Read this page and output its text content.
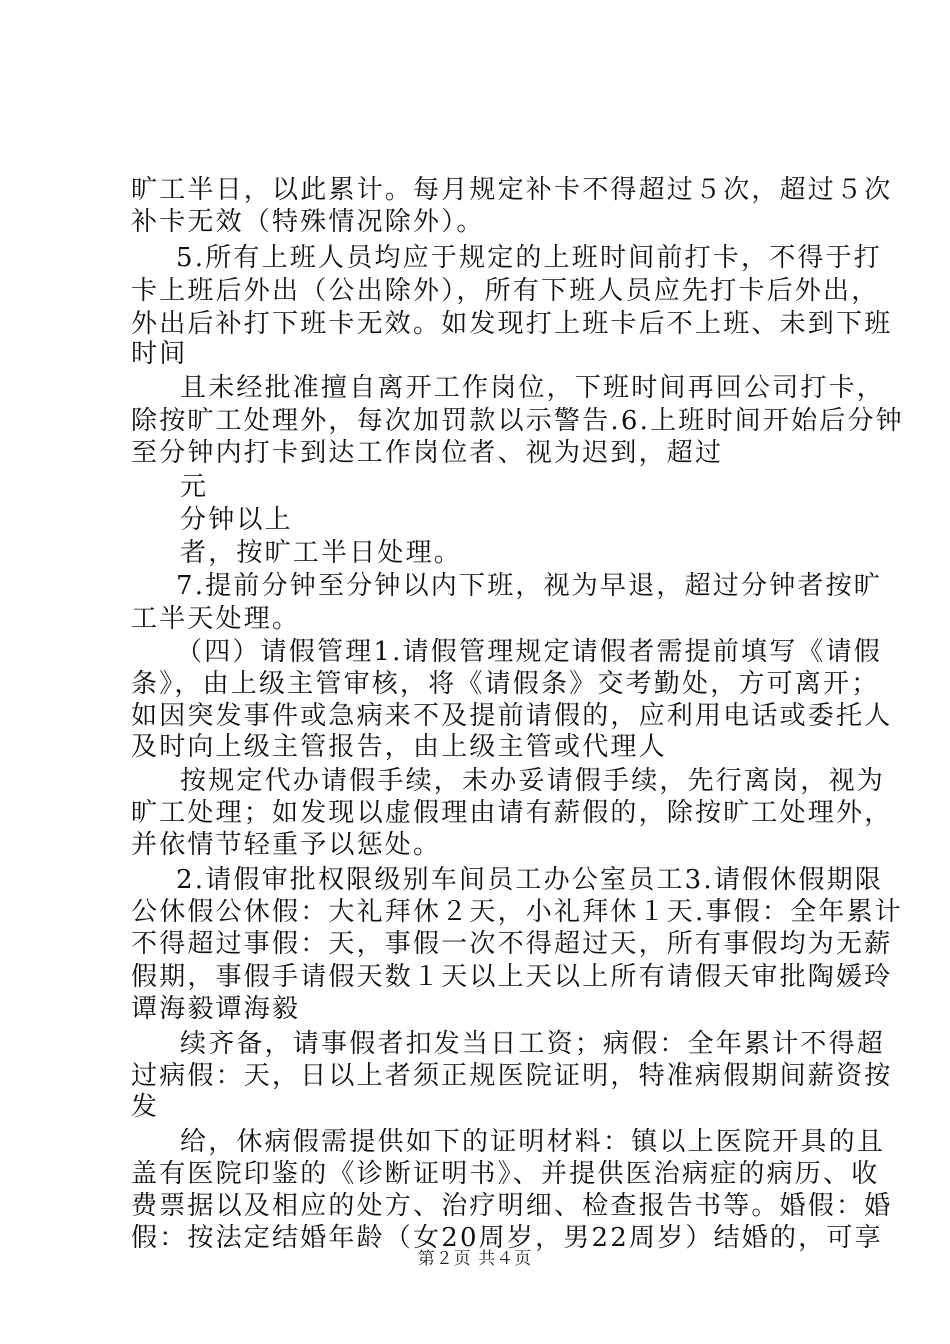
旷工半日，以此累计。每月规定补卡不得超过５次，超过５次
补卡无效（特殊情况除外）。
5.所有上班人员均应于规定的上班时间前打卡，不得于打
卡上班后外出（公出除外），所有下班人员应先打卡后外出，
外出后补打下班卡无效。如发现打上班卡后不上班、未到下班
时间
且未经批准擅自离开工作岗位，下班时间再回公司打卡，
除按旷工处理外，每次加罚款以示警告.6.上班时间开始后分钟
至分钟内打卡到达工作岗位者、视为迟到，超过
元
分钟以上
者，按旷工半日处理。
7.提前分钟至分钟以内下班，视为早退，超过分钟者按旷
工半天处理。
（四）请假管理1.请假管理规定请假者需提前填写《请假
条》，由上级主管审核，将《请假条》交考勤处，方可离开；
如因突发事件或急病来不及提前请假的，应利用电话或委托人
及时向上级主管报告，由上级主管或代理人
按规定代办请假手续，未办妥请假手续，先行离岗，视为
旷工处理；如发现以虚假理由请有薪假的，除按旷工处理外，
并依情节轻重予以惩处。
2.请假审批权限级别车间员工办公室员工3.请假休假期限
公休假公休假：大礼拜休２天，小礼拜休１天.事假：全年累计
不得超过事假：天，事假一次不得超过天，所有事假均为无薪
假期，事假手请假天数１天以上天以上所有请假天审批陶媛玲
谭海毅谭海毅
续齐备，请事假者扣发当日工资；病假：全年累计不得超
过病假：天，日以上者须正规医院证明，特准病假期间薪资按
发
给，休病假需提供如下的证明材料：镇以上医院开具的且
盖有医院印鉴的《诊断证明书》、并提供医治病症的病历、收
费票据以及相应的处方、治疗明细、检查报告书等。婚假：婚
假：按法定结婚年龄（女20周岁，男22周岁）结婚的，可享
第２页 共４页
